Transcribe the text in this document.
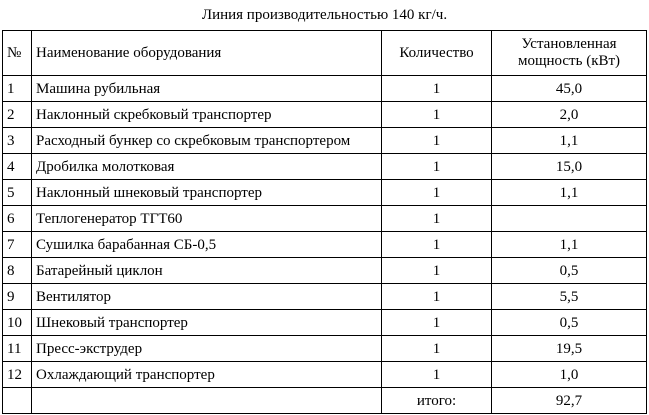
Линия производительностью 140 кг/ч.
№	Наименование оборудования	Количество	Установленная мощность (кВт)
1	Машина рубильная	1	45,0
2	Наклонный скребковый транспортер	1	2,0
3	Расходный бункер со скребковым транспортером	1	1,1
4	Дробилка молотковая	1	15,0
5	Наклонный шнековый транспортер	1	1,1
6	Теплогенератор ТГТ60	1	
7	Сушилка барабанная СБ-0,5	1	1,1
8	Батарейный циклон	1	0,5
9	Вентилятор	1	5,5
10	Шнековый транспортер	1	0,5
11	Пресс-экструдер	1	19,5
12	Охлаждающий транспортер	1	1,0
		итого:	92,7
